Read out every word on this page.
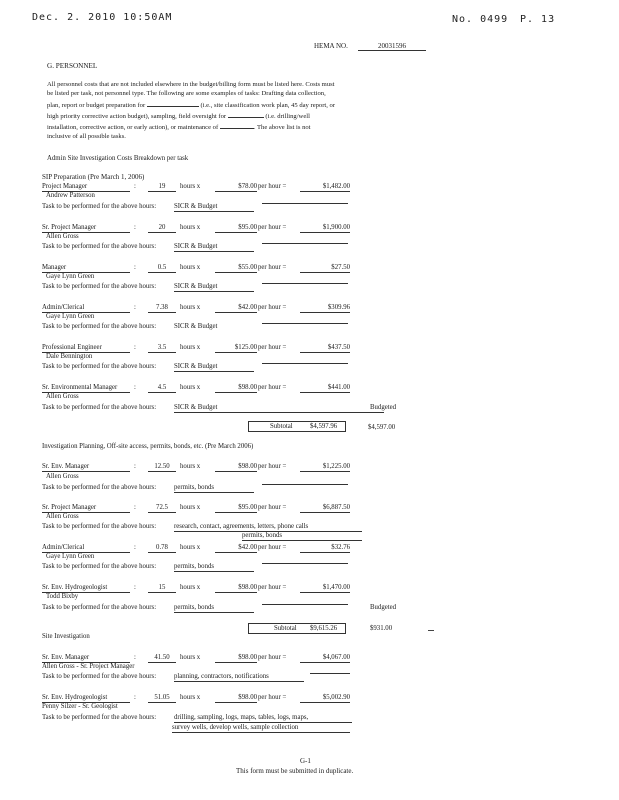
Dec. 2. 2010 10:50AM	No. 0499 P. 13
HEMA NO.	20031596
G. PERSONNEL

All personnel costs that are not included elsewhere in the budget/billing form must be listed here. Costs must

be listed per task, not personnel type. The following are some examples of tasks: Drafting data collection,

plan, report or budget preparation for	(i.e., site classification work plan, 45 day report, or

high priority corrective action budget), sampling, field oversight for	(i.e. drilling/well

installation, corrective action, or early action), or maintenance of	. The above list is not

inclusive of all possible tasks.

Admin Site Investigation Costs Breakdown per task
SIP Preparation (Pre March 1, 2006)
Project Manager	:	19	hours x	$78.00 per hour =	$1,482.00
Andrew Patterson
Task to be performed for the above hours:	SICR & Budget
Sr. Project Manager	:	20	hours x	$95.00 per hour =	$1,900.00
Allen Gross
Task to be performed for the above hours:	SICR & Budget
Manager	:	0.5	hours x	$55.00 per hour =	$27.50
Gaye Lynn Green
Task to be performed for the above hours:	SICR & Budget
Admin/Clerical	:	7.38	hours x	$42.00 per hour =	$309.96
Gaye Lynn Green
Task to be performed for the above hours:	SICR & Budget
Professional Engineer	:	3.5	hours x	$125.00 per hour =	$437.50
Dale Bennington
Task to be performed for the above hours:	SICR & Budget
Sr. Environmental Manager	:	4.5	hours x	$98.00 per hour =	$441.00
Allen Gross
Task to be performed for the above hours:	SICR & Budget	Budgeted
Subtotal	$4,597.96	$4,597.00
Investigation Planning, Off-site access, permits, bonds, etc. (Pre March 2006)
Sr. Env. Manager	:	12.50	hours x	$98.00 per hour =	$1,225.00
Allen Gross
Task to be performed for the above hours:	permits, bonds
Sr. Project Manager	:	72.5	hours x	$95.00 per hour =	$6,887.50
Allen Gross
Task to be performed for the above hours:	research, contact, agreements, letters, phone calls
permits, bonds
Admin/Clerical	:	0.78	hours x	$42.00 per hour =	$32.76
Gaye Lynn Green
Task to be performed for the above hours:	permits, bonds
Sr. Env. Hydrogeologist	:	15	hours x	$98.00 per hour =	$1,470.00
Todd Bixby
Task to be performed for the above hours:	permits, bonds	Budgeted
Subtotal $9,615.26	$931.00
Site Investigation
Sr. Env. Manager	:	41.50	hours x	$98.00 per hour =	$4,067.00
Allen Gross - Sr. Project Manager
Task to be performed for the above hours:	planning, contractors, notifications
Sr. Env. Hydrogeologist	:	51.05	hours x	$98.00 per hour =	$5,002.90
Penny Silzer - Sr. Geologist
Task to be performed for the above hours:	drilling, sampling, logs, maps, tables, logs, maps,
survey wells, develop wells, sample collection
G-1
This form must be submitted in duplicate.
